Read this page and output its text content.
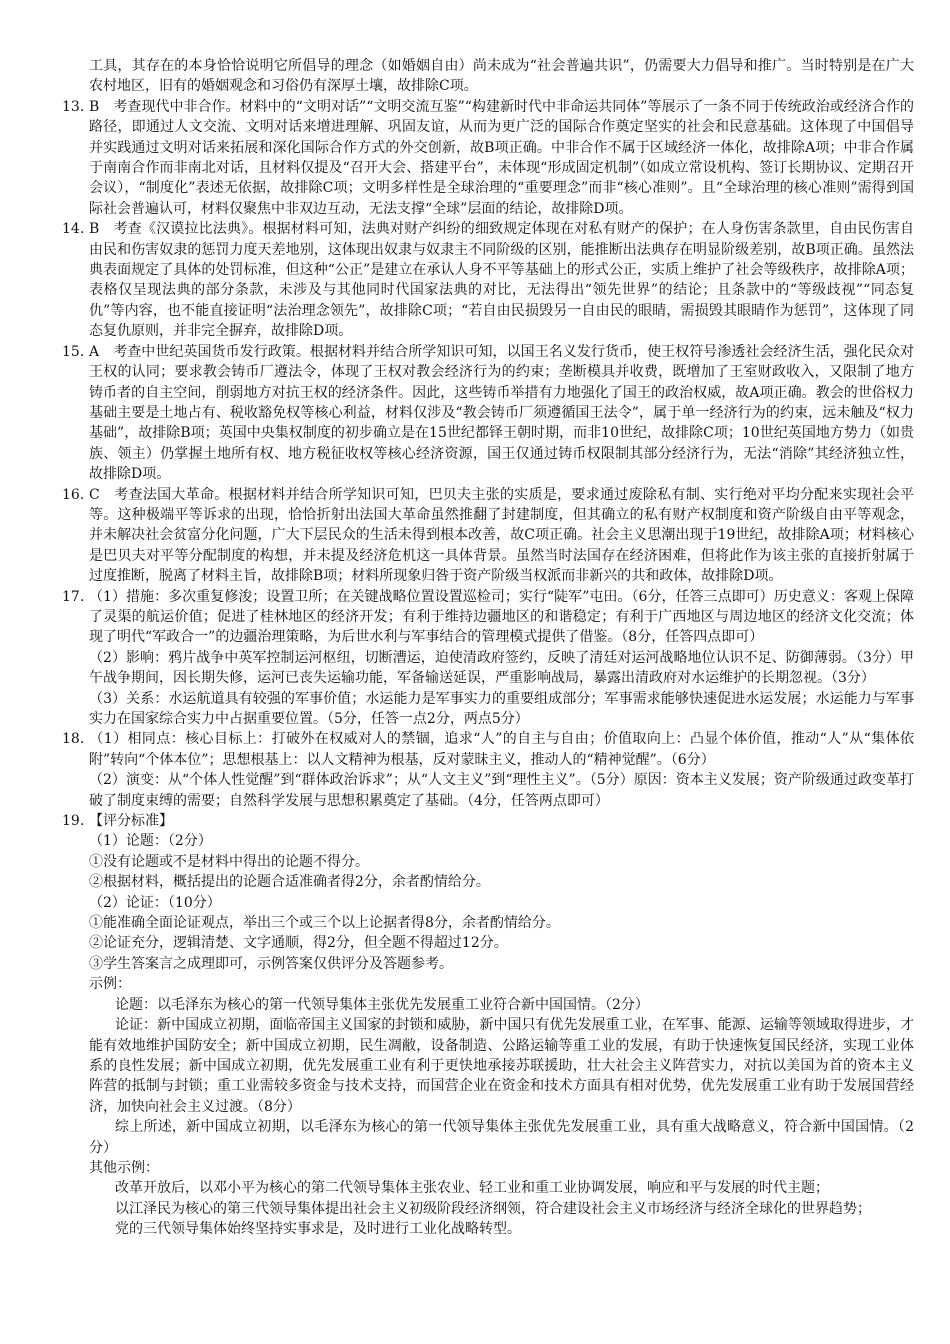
工具，其存在的本身恰恰说明它所倡导的理念（如婚姻自由）尚未成为“社会普遍共识”，仍需要大力倡导和推广。当时特别是在广大农村地区，旧有的婚姻观念和习俗仍有深厚土壤，故排除C项。

13. B　考查现代中非合作。材料中的“文明对话”“文明交流互鉴”“构建新时代中非命运共同体”等展示了一条不同于传统政治或经济合作的路径，即通过人文交流、文明对话来增进理解、巩固友谊，从而为更广泛的国际合作奠定坚实的社会和民意基础。这体现了中国倡导并实践通过文明对话来拓展和深化国际合作方式的外交创新，故B项正确。中非合作不属于区域经济一体化，故排除A项；中非合作属于南南合作而非南北对话，且材料仅提及“召开大会、搭建平台”，未体现“形成固定机制”（如成立常设机构、签订长期协议、定期召开会议），“制度化”表述无依据，故排除C项；文明多样性是全球治理的“重要理念”而非“核心准则”。且“全球治理的核心准则”需得到国际社会普遍认可，材料仅聚焦中非双边互动，无法支撑“全球”层面的结论，故排除D项。

14. B　考查《汉谟拉比法典》。根据材料可知，法典对财产纠纷的细致规定体现在对私有财产的保护；在人身伤害条款里，自由民伤害自由民和伤害奴隶的惩罚力度天差地别，这体现出奴隶与奴隶主不同阶级的区别，能推断出法典存在明显阶级差别，故B项正确。虽然法典表面规定了具体的处罚标准，但这种“公正”是建立在承认人身不平等基础上的形式公正，实质上维护了社会等级秩序，故排除A项；表格仅呈现法典的部分条款，未涉及与其他同时代国家法典的对比，无法得出“领先世界”的结论；且条款中的“等级歧视”“同态复仇”等内容，也不能直接证明“法治理念领先”，故排除C项；“若自由民损毁另一自由民的眼睛，需损毁其眼睛作为惩罚”，这体现了同态复仇原则，并非完全摒弃，故排除D项。

15. A　考查中世纪英国货币发行政策。根据材料并结合所学知识可知，以国王名义发行货币，使王权符号渗透社会经济生活，强化民众对王权的认同；要求教会铸币厂遵法令，体现了王权对教会经济行为的约束；垄断模具并收费，既增加了王室财政收入，又限制了地方铸币者的自主空间，削弱地方对抗王权的经济条件。因此，这些铸币举措有力地强化了国王的政治权威，故A项正确。教会的世俗权力基础主要是土地占有、税收豁免权等核心利益，材料仅涉及“教会铸币厂须遵循国王法令”，属于单一经济行为的约束，远未触及“权力基础”，故排除B项；英国中央集权制度的初步确立是在15世纪都铎王朝时期，而非10世纪，故排除C项；10世纪英国地方势力（如贵族、领主）仍掌握土地所有权、地方税征收权等核心经济资源，国王仅通过铸币权限制其部分经济行为，无法“消除”其经济独立性，故排除D项。

16. C　考查法国大革命。根据材料并结合所学知识可知，巴贝夫主张的实质是，要求通过废除私有制、实行绝对平均分配来实现社会平等。这种极端平等诉求的出现，恰恰折射出法国大革命虽然推翻了封建制度，但其确立的私有财产权制度和资产阶级自由平等观念，并未解决社会贫富分化问题，广大下层民众的生活未得到根本改善，故C项正确。社会主义思潮出现于19世纪，故排除A项；材料核心是巴贝夫对平等分配制度的构想，并未提及经济危机这一具体背景。虽然当时法国存在经济困难，但将此作为该主张的直接折射属于过度推断，脱离了材料主旨，故排除B项；材料所现象归咎于资产阶级当权派而非新兴的共和政体，故排除D项。

17. （1）措施：多次重复修浚；设置卫所；在关键战略位置设置巡检司；实行“陡军”屯田。（6分，任答三点即可）历史意义：客观上保障了灵渠的航运价值；促进了桂林地区的经济开发；有利于维持边疆地区的和谐稳定；有利于广西地区与周边地区的经济文化交流；体现了明代“军政合一”的边疆治理策略，为后世水利与军事结合的管理模式提供了借鉴。（8分，任答四点即可）

（2）影响：鸦片战争中英军控制运河枢纽，切断漕运，迫使清政府签约，反映了清廷对运河战略地位认识不足、防御薄弱。（3分）甲午战争期间，因长期失修，运河已丧失运输功能，军备输送延误，严重影响战局，暴露出清政府对水运维护的长期忽视。（3分）

（3）关系：水运航道具有较强的军事价值；水运能力是军事实力的重要组成部分；军事需求能够快速促进水运发展；水运能力与军事实力在国家综合实力中占据重要位置。（5分，任答一点2分，两点5分）

18. （1）相同点：核心目标上：打破外在权威对人的禁锢，追求“人”的自主与自由；价值取向上：凸显个体价值，推动“人”从“集体依附”转向“个体本位”；思想根基上：以人文精神为根基，反对蒙昧主义，推动人的“精神觉醒”。（6分）

（2）演变：从“个体人性觉醒”到“群体政治诉求”；从“人文主义”到“理性主义”。（5分）原因：资本主义发展；资产阶级通过政变革打破了制度束缚的需要；自然科学发展与思想积累奠定了基础。（4分，任答两点即可）

19. 【评分标准】

（1）论题：（2分）

①没有论题或不是材料中得出的论题不得分。

②根据材料，概括提出的论题合适准确者得2分，余者酌情给分。

（2）论证：（10分）

①能准确全面论证观点，举出三个或三个以上论据者得8分，余者酌情给分。

②论证充分，逻辑清楚、文字通顺，得2分，但全题不得超过12分。

③学生答案言之成理即可，示例答案仅供评分及答题参考。

示例：

论题：以毛泽东为核心的第一代领导集体主张优先发展重工业符合新中国国情。（2分）

论证：新中国成立初期，面临帝国主义国家的封锁和威胁，新中国只有优先发展重工业，在军事、能源、运输等领域取得进步，才能有效地维护国防安全；新中国成立初期，民生凋敝，设备制造、公路运输等重工业的发展，有助于快速恢复国民经济，实现工业体系的良性发展；新中国成立初期，优先发展重工业有利于更快地承接苏联援助，壮大社会主义阵营实力，对抗以美国为首的资本主义阵营的抵制与封锁；重工业需较多资金与技术支持，而国营企业在资金和技术方面具有相对优势，优先发展重工业有助于发展国营经济，加快向社会主义过渡。（8分）

综上所述，新中国成立初期，以毛泽东为核心的第一代领导集体主张优先发展重工业，具有重大战略意义，符合新中国国情。（2分）

其他示例：

改革开放后，以邓小平为核心的第二代领导集体主张农业、轻工业和重工业协调发展，响应和平与发展的时代主题；

以江泽民为核心的第三代领导集体提出社会主义初级阶段经济纲领，符合建设社会主义市场经济与经济全球化的世界趋势；

党的三代领导集体始终坚持实事求是，及时进行工业化战略转型。
